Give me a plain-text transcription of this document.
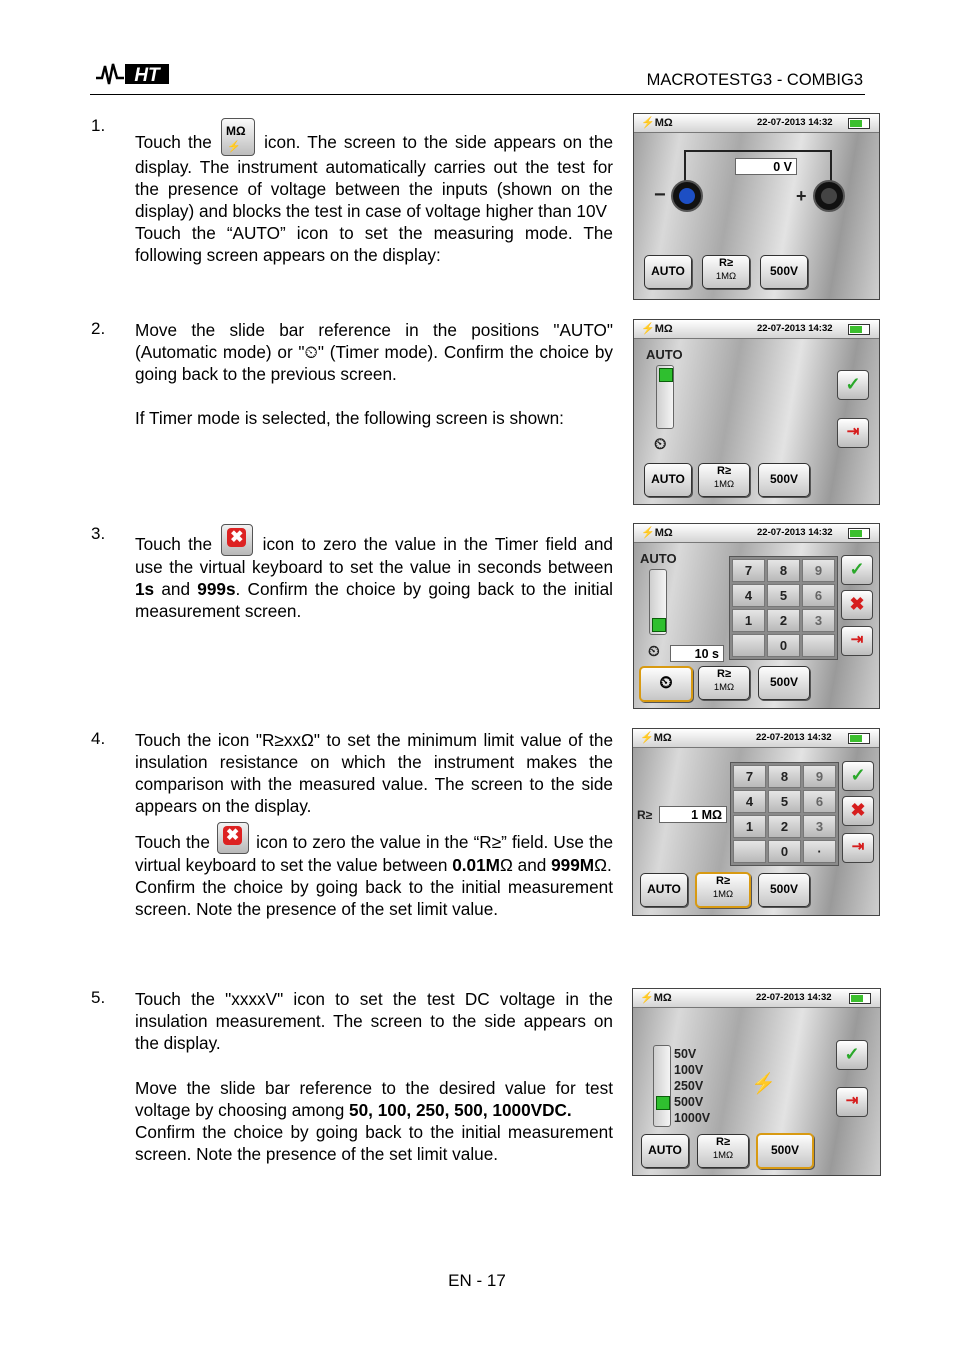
HT	MACROTESTG3 - COMBIG3
1.

Touch the
MΩ
⚡ icon. The screen to the side appears on the display. The instrument automatically carries out the test for the presence of voltage between the inputs (shown on the display) and blocks the test in case of voltage higher than 10V

Touch the “AUTO” icon to set the measuring mode. The following screen appears on the display:

⚡MΩ	22-07-2013 14:32
0 V
−	+
AUTO
R≥
1MΩ	500V
2. Move the slide bar reference in the positions "AUTO" (Automatic mode) or "⏲" (Timer mode). Confirm the choice by going back to the previous screen.

If Timer mode is selected, the following screen is shown:

⚡MΩ	22-07-2013 14:32
AUTO
⏲
✓
⇥
AUTO
R≥
1MΩ	500V
3.

Touch the ✖ icon to zero the value in the Timer field and use the virtual keyboard to set the value in seconds between 1s and 999s. Confirm the choice by going back to the initial measurement screen.

⚡MΩ	22-07-2013 14:32
AUTO
⏲	10 s
7	8	9
4	5	6
1	2	3
0
✓
✖
⇥
⏲	R≥
1MΩ	500V
4. Touch the icon "R≥xxΩ" to set the minimum limit value of the insulation resistance on which the instrument makes the comparison with the measured value. The screen to the side appears on the display.

Touch the ✖ icon to zero the value in the “R≥” field. Use the virtual keyboard to set the value between 0.01MΩ and 999MΩ.

Confirm the choice by going back to the initial measurement screen. Note the presence of the set limit value.

⚡MΩ	22-07-2013 14:32
R≥	1 MΩ
7	8	9
4	5	6
1	2	3
0	·
✓
✖
⇥
AUTO
R≥
1MΩ	500V
5. Touch the "xxxxV" icon to set the test DC voltage in the insulation measurement. The screen to the side appears on the display.

Move the slide bar reference to the desired value for test voltage by choosing among 50, 100, 250, 500, 1000VDC.

Confirm the choice by going back to the initial measurement screen. Note the presence of the set limit value.

⚡MΩ	22-07-2013 14:32
50V
100V
250V
500V
1000V
⚡
✓
⇥
AUTO
R≥
1MΩ	500V
EN - 17
